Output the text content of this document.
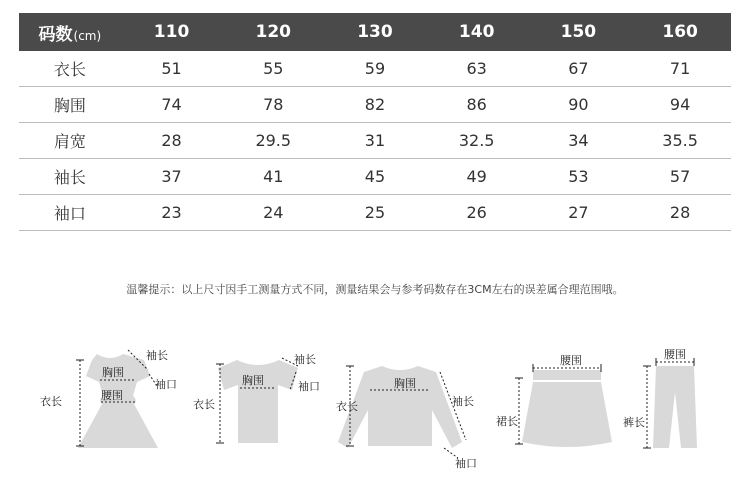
码数(cm)	110	120	130	140	150	160
衣长	51	55	59	63	67	71
胸围	74	78	82	86	90	94
肩宽	28	29.5	31	32.5	34	35.5
袖长	37	41	45	49	53	57
袖口	23	24	25	26	27	28
温馨提示：以上尺寸因手工测量方式不同，测量结果会与参考码数存在3CM左右的误差属合理范围哦。
衣长
胸围
腰围
袖长
袖口
衣长
胸围
袖长
袖口
衣长
胸围
袖长
袖口
腰围
裙长
腰围
裤长
